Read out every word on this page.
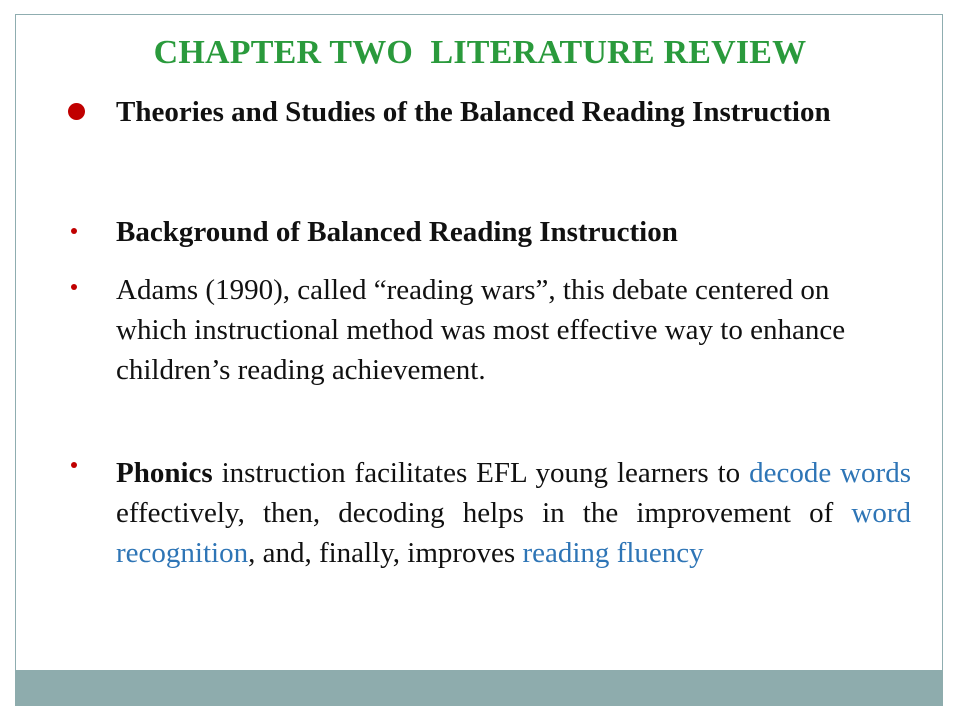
CHAPTER TWO  LITERATURE REVIEW
Theories and Studies of the Balanced Reading Instruction
Background of Balanced Reading Instruction
Adams (1990), called “reading wars”, this debate centered on which instructional method was most effective way to enhance children’s reading achievement.
Phonics instruction facilitates EFL young learners to decode words effectively, then, decoding helps in the improvement of word recognition, and, finally, improves reading fluency
